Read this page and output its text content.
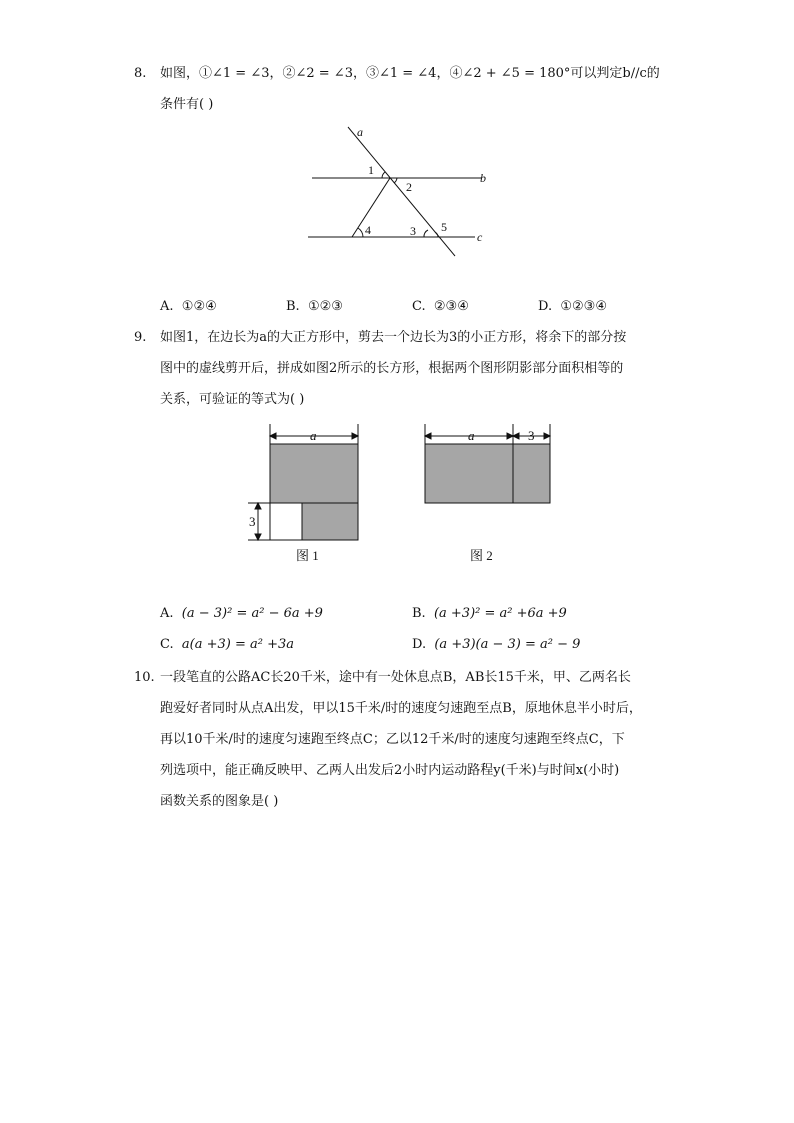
8. 如图，①∠1 = ∠3，②∠2 = ∠3，③∠1 = ∠4，④∠2 + ∠5 = 180°可以判定b//c的
条件有( )
a
b
c
1
2
3
4	5
A. ①②④	B. ①②③	C. ②③④	D. ①②③④
9. 如图1，在边长为a的大正方形中，剪去一个边长为3的小正方形，将余下的部分按
图中的虚线剪开后，拼成如图2所示的长方形，根据两个图形阴影部分面积相等的
关系，可验证的等式为( )
a
3
图 1
a	3
图 2
A. (a − 3)² = a² − 6a +9	B. (a +3)² = a² +6a +9
C. a(a +3) = a² +3a	D. (a +3)(a − 3) = a² − 9
10. 一段笔直的公路AC长20千米，途中有一处休息点B，AB长15千米，甲、乙两名长
跑爱好者同时从点A出发，甲以15千米/时的速度匀速跑至点B，原地休息半小时后，
再以10千米/时的速度匀速跑至终点C；乙以12千米/时的速度匀速跑至终点C，下
列选项中，能正确反映甲、乙两人出发后2小时内运动路程y(千米)与时间x(小时)
函数关系的图象是( )
